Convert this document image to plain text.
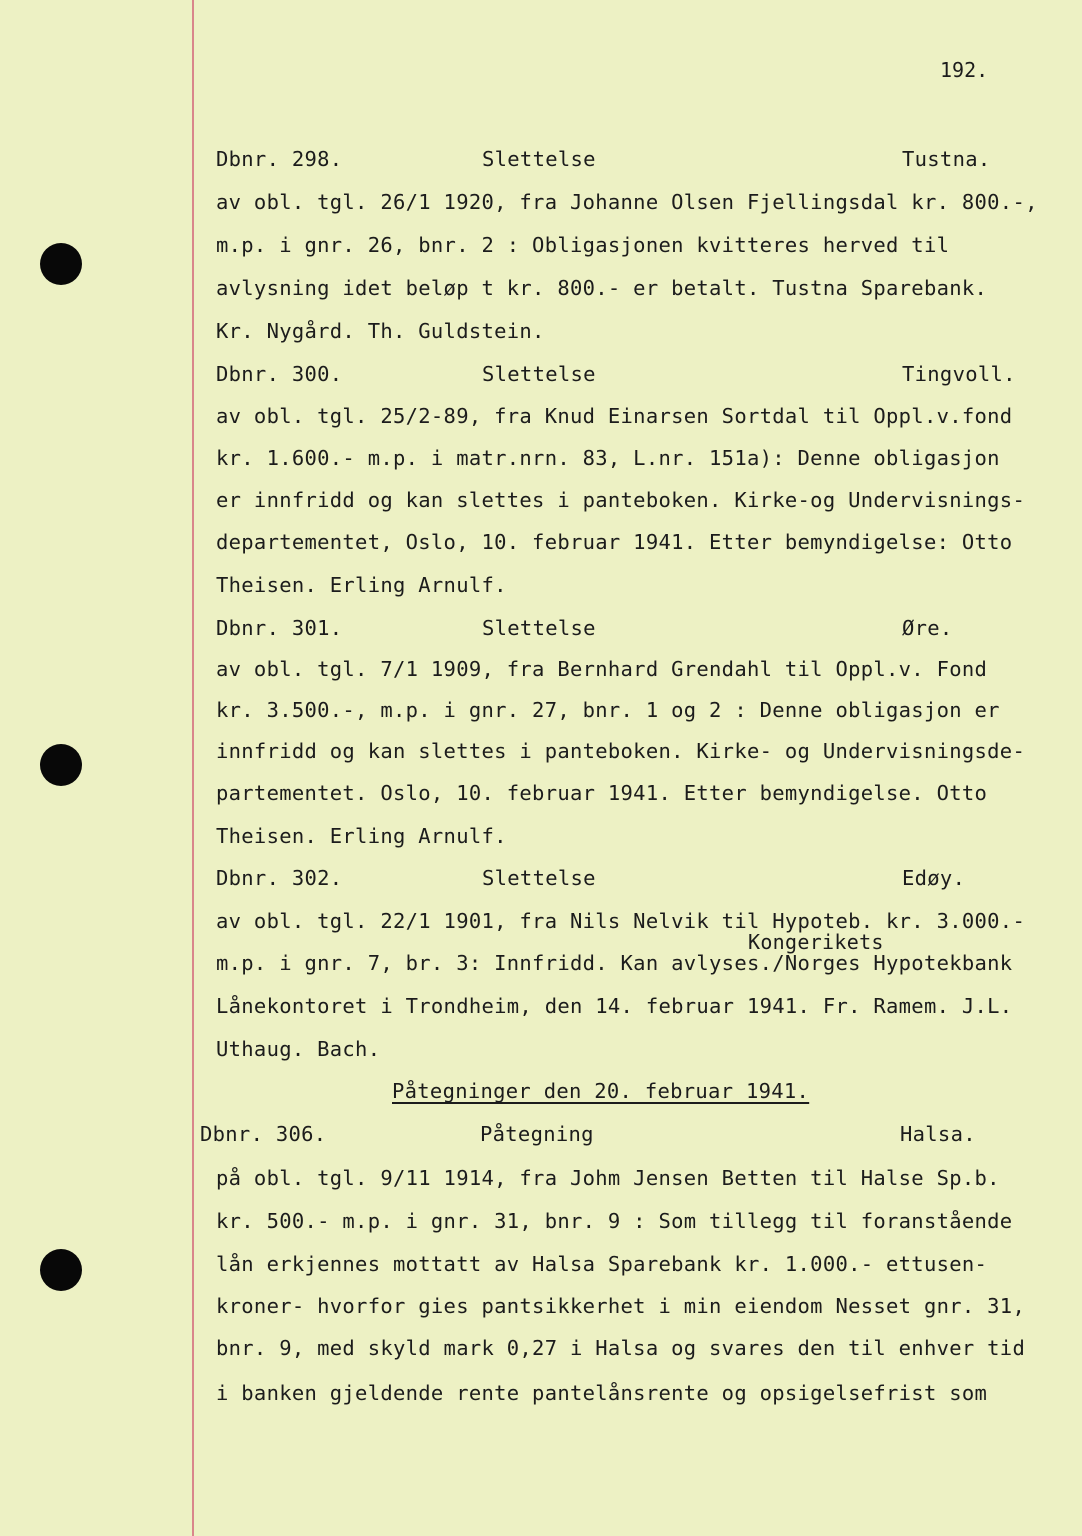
192.
Dbnr. 298.	Slettelse	Tustna.
av obl. tgl. 26/1 1920, fra Johanne Olsen Fjellingsdal kr. 800.-,
m.p. i gnr. 26, bnr. 2 : Obligasjonen kvitteres herved til
avlysning idet beløp t kr. 800.- er betalt. Tustna Sparebank.
Kr. Nygård. Th. Guldstein.
Dbnr. 300.	Slettelse	Tingvoll.
av obl. tgl. 25/2-89, fra Knud Einarsen Sortdal til Oppl.v.fond
kr. 1.600.- m.p. i matr.nrn. 83, L.nr. 151a): Denne obligasjon
er innfridd og kan slettes i panteboken. Kirke-og Undervisnings-
departementet, Oslo, 10. februar 1941. Etter bemyndigelse: Otto
Theisen. Erling Arnulf.
Dbnr. 301.	Slettelse	Øre.
av obl. tgl. 7/1 1909, fra Bernhard Grendahl til Oppl.v. Fond
kr. 3.500.-, m.p. i gnr. 27, bnr. 1 og 2 : Denne obligasjon er
innfridd og kan slettes i panteboken. Kirke- og Undervisningsde-
partementet. Oslo, 10. februar 1941. Etter bemyndigelse. Otto
Theisen. Erling Arnulf.
Dbnr. 302.	Slettelse	Edøy.
av obl. tgl. 22/1 1901, fra Nils Nelvik til Hypoteb. kr. 3.000.-
Kongerikets
m.p. i gnr. 7, br. 3: Innfridd. Kan avlyses./Norges Hypotekbank
Lånekontoret i Trondheim, den 14. februar 1941. Fr. Ramem. J.L.
Uthaug. Bach.
Påtegninger den 20. februar 1941.
Dbnr. 306.	Påtegning	Halsa.
på obl. tgl. 9/11 1914, fra Johm Jensen Betten til Halse Sp.b.
kr. 500.- m.p. i gnr. 31, bnr. 9 : Som tillegg til foranstående
lån erkjennes mottatt av Halsa Sparebank kr. 1.000.- ettusen-
kroner- hvorfor gies pantsikkerhet i min eiendom Nesset gnr. 31,
bnr. 9, med skyld mark 0,27 i Halsa og svares den til enhver tid
i banken gjeldende rente pantelånsrente og opsigelsefrist som
